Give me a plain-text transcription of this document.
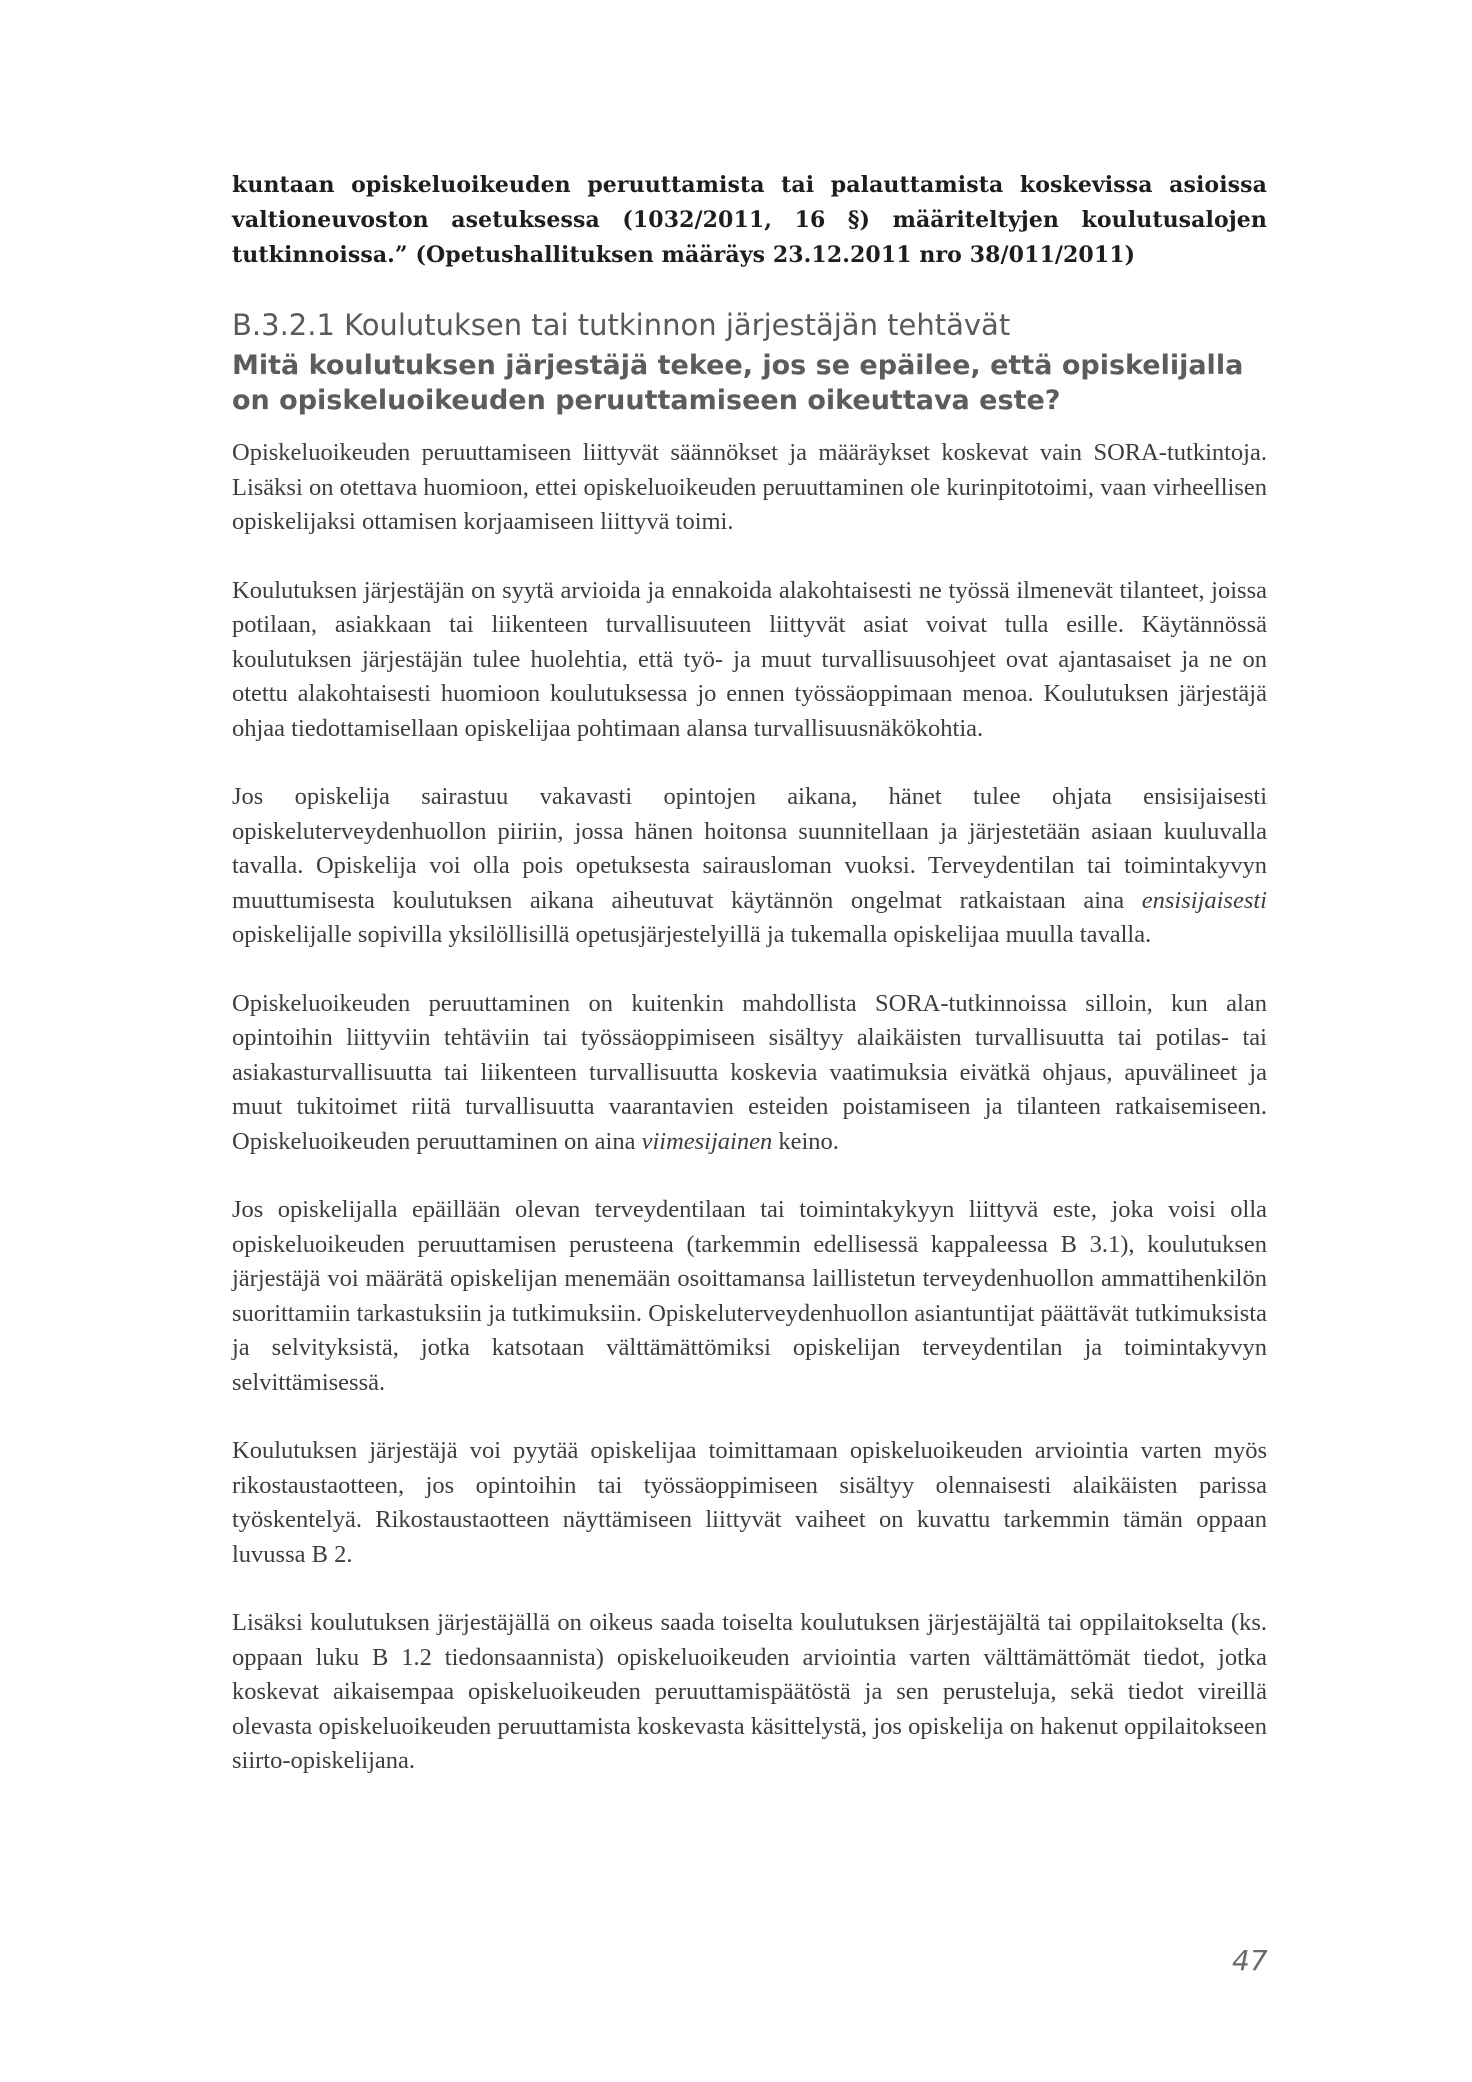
kuntaan opiskeluoikeuden peruuttamista tai palauttamista koskevissa asioissa valtioneuvoston asetuksessa (1032/2011, 16 §) määriteltyjen koulutusalojen tutkinnoissa.” (Opetushallituksen määräys 23.12.2011 nro 38/011/2011)

B.3.2.1 Koulutuksen tai tutkinnon järjestäjän tehtävät
Mitä koulutuksen järjestäjä tekee, jos se epäilee, että opiskelijalla on opiskeluoikeuden peruuttamiseen oikeuttava este?

Opiskeluoikeuden peruuttamiseen liittyvät säännökset ja määräykset koskevat vain SORA-tutkintoja. Lisäksi on otettava huomioon, ettei opiskeluoikeuden peruuttaminen ole kurinpitotoimi, vaan virheellisen opiskelijaksi ottamisen korjaamiseen liittyvä toimi.

Koulutuksen järjestäjän on syytä arvioida ja ennakoida alakohtaisesti ne työssä ilmenevät tilanteet, joissa potilaan, asiakkaan tai liikenteen turvallisuuteen liittyvät asiat voivat tulla esille. Käytännössä koulutuksen järjestäjän tulee huolehtia, että työ- ja muut turvallisuusohjeet ovat ajantasaiset ja ne on otettu alakohtaisesti huomioon koulutuksessa jo ennen työssäoppimaan menoa. Koulutuksen järjestäjä ohjaa tiedottamisellaan opiskelijaa pohtimaan alansa turvallisuusnäkökohtia.

Jos opiskelija sairastuu vakavasti opintojen aikana, hänet tulee ohjata ensisijaisesti opiskeluterveydenhuollon piiriin, jossa hänen hoitonsa suunnitellaan ja järjestetään asiaan kuuluvalla tavalla. Opiskelija voi olla pois opetuksesta sairausloman vuoksi. Terveydentilan tai toimintakyvyn muuttumisesta koulutuksen aikana aiheutuvat käytännön ongelmat ratkaistaan aina ensisijaisesti opiskelijalle sopivilla yksilöllisillä opetusjärjestelyillä ja tukemalla opiskelijaa muulla tavalla.

Opiskeluoikeuden peruuttaminen on kuitenkin mahdollista SORA-tutkinnoissa silloin, kun alan opintoihin liittyviin tehtäviin tai työssäoppimiseen sisältyy alaikäisten turvallisuutta tai potilas- tai asiakasturvallisuutta tai liikenteen turvallisuutta koskevia vaatimuksia eivätkä ohjaus, apuvälineet ja muut tukitoimet riitä turvallisuutta vaarantavien esteiden poistamiseen ja tilanteen ratkaisemiseen. Opiskeluoikeuden peruuttaminen on aina viimesijainen keino.

Jos opiskelijalla epäillään olevan terveydentilaan tai toimintakykyyn liittyvä este, joka voisi olla opiskeluoikeuden peruuttamisen perusteena (tarkemmin edellisessä kappaleessa B 3.1), koulutuksen järjestäjä voi määrätä opiskelijan menemään osoittamansa laillistetun terveydenhuollon ammattihenkilön suorittamiin tarkastuksiin ja tutkimuksiin. Opiskeluterveydenhuollon asiantuntijat päättävät tutkimuksista ja selvityksistä, jotka katsotaan välttämättömiksi opiskelijan terveydentilan ja toimintakyvyn selvittämisessä.

Koulutuksen järjestäjä voi pyytää opiskelijaa toimittamaan opiskeluoikeuden arviointia varten myös rikostaustaotteen, jos opintoihin tai työssäoppimiseen sisältyy olennaisesti alaikäisten parissa työskentelyä. Rikostaustaotteen näyttämiseen liittyvät vaiheet on kuvattu tarkemmin tämän oppaan luvussa B 2.

Lisäksi koulutuksen järjestäjällä on oikeus saada toiselta koulutuksen järjestäjältä tai oppilaitokselta (ks. oppaan luku B 1.2 tiedonsaannista) opiskeluoikeuden arviointia varten välttämättömät tiedot, jotka koskevat aikaisempaa opiskeluoikeuden peruuttamispäätöstä ja sen perusteluja, sekä tiedot vireillä olevasta opiskeluoikeuden peruuttamista koskevasta käsittelystä, jos opiskelija on hakenut oppilaitokseen siirto-opiskelijana.

47
